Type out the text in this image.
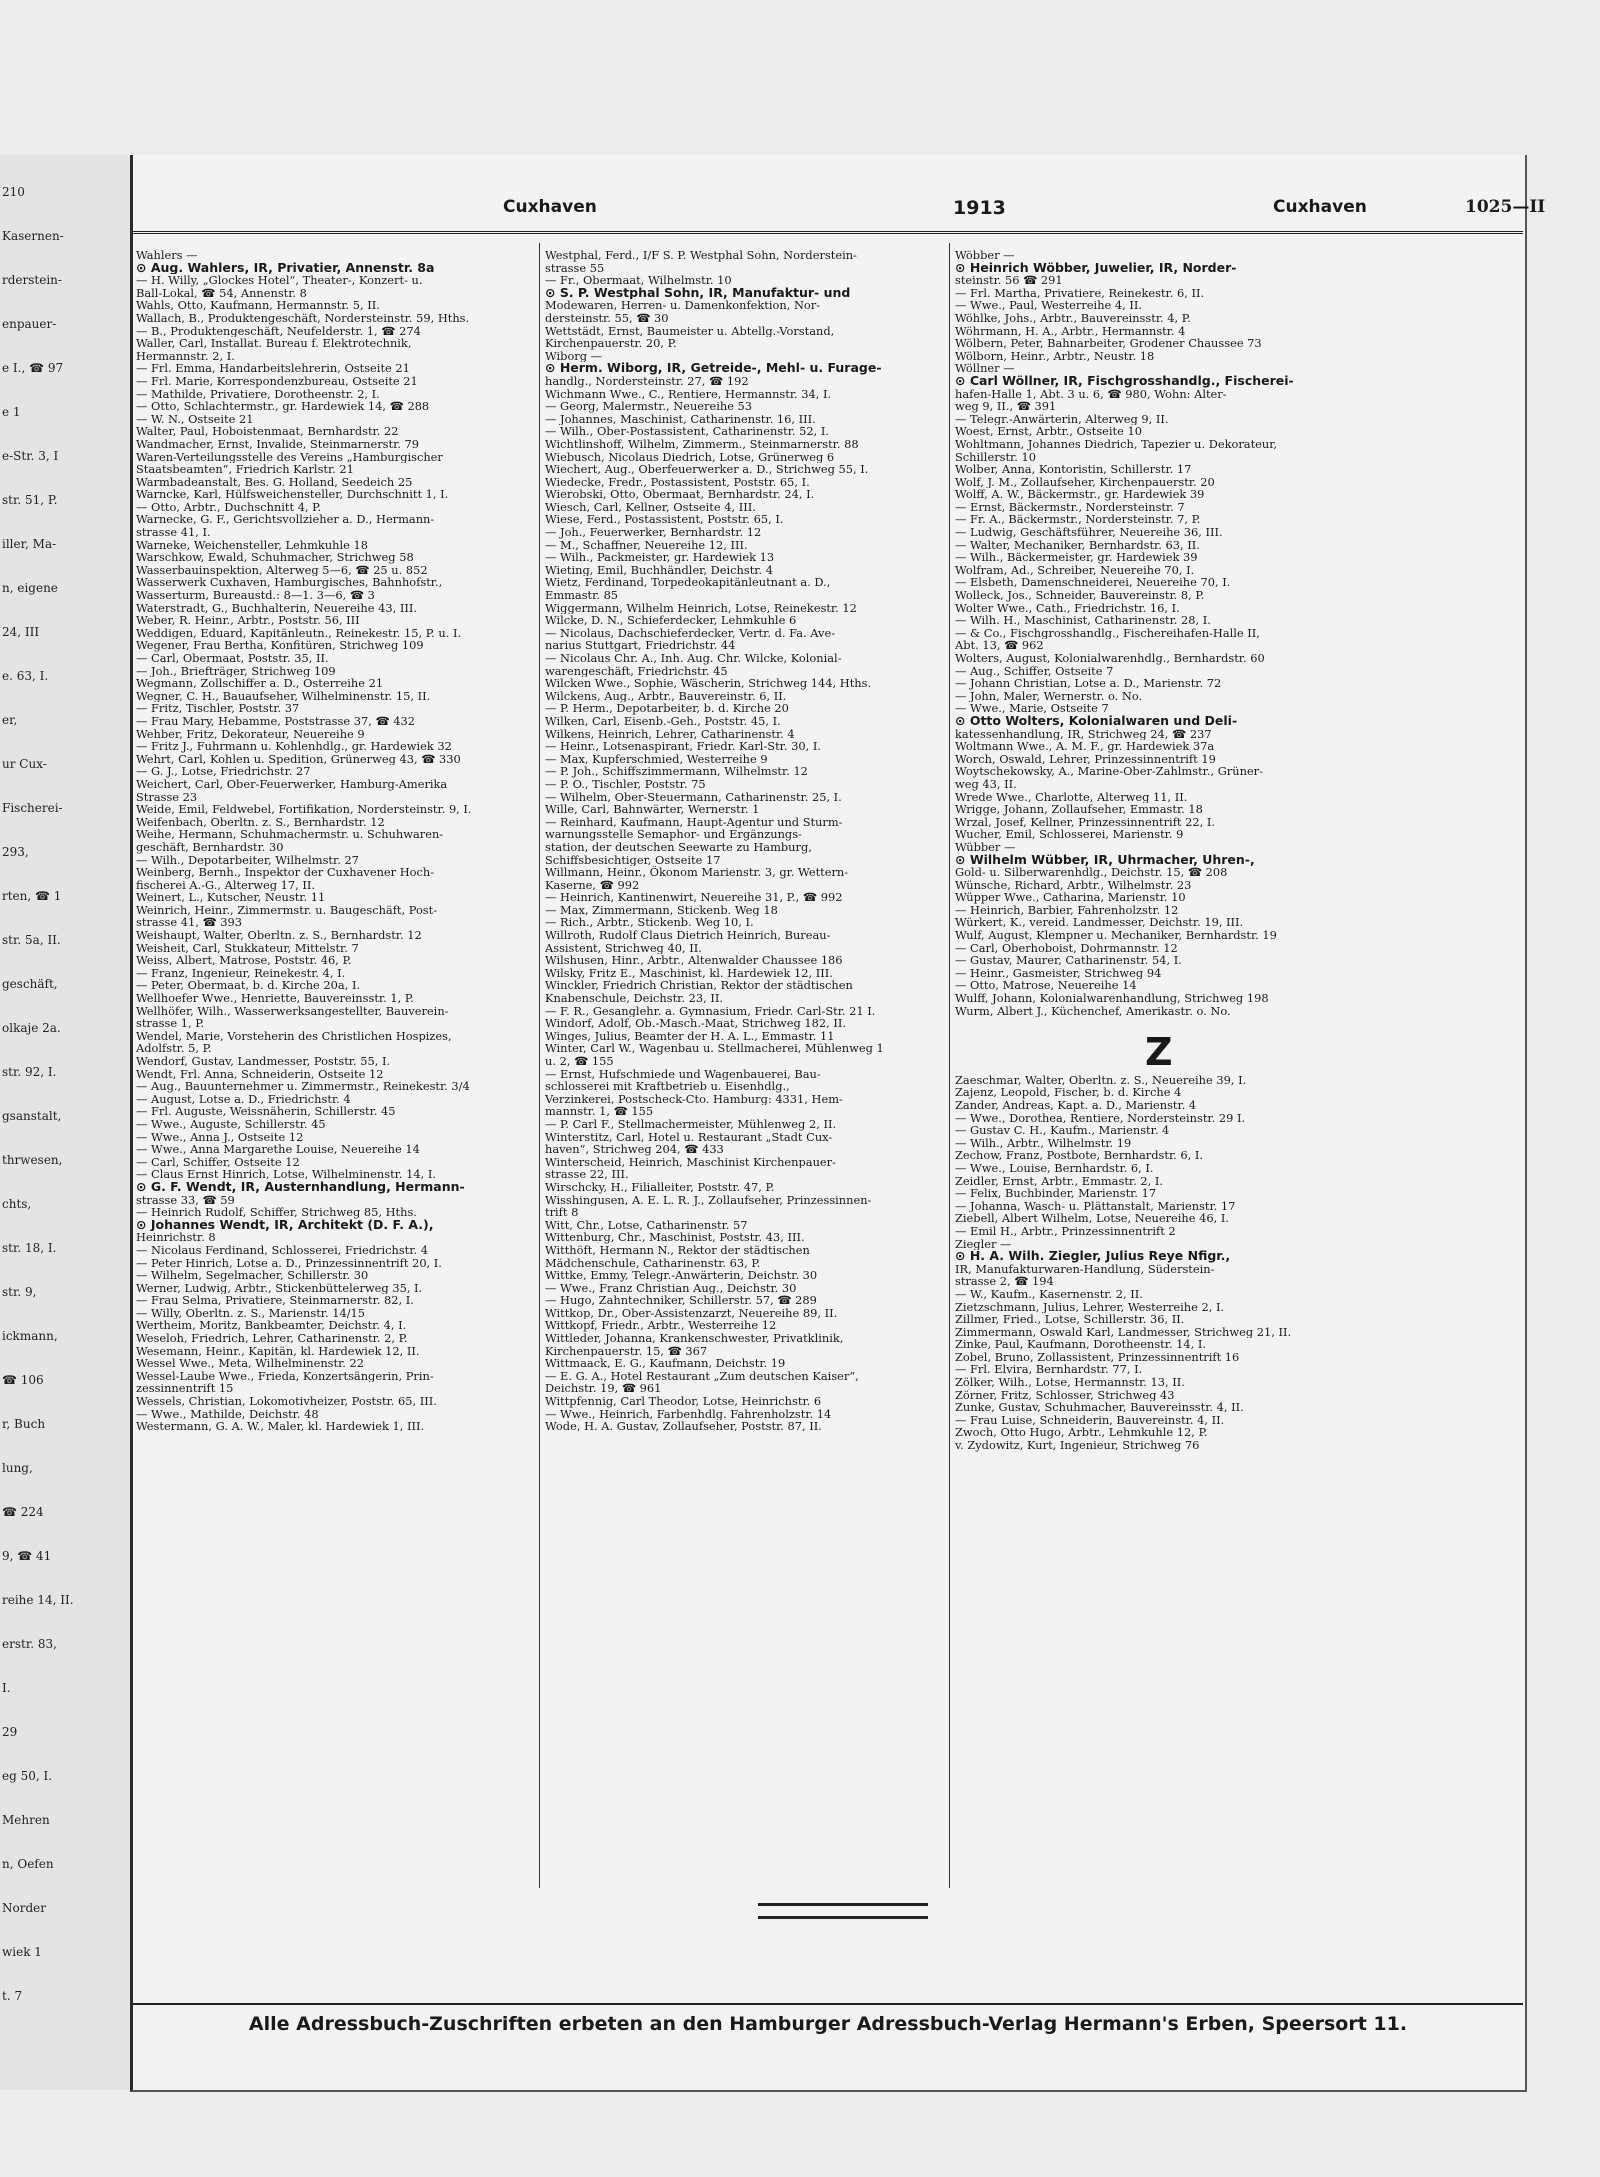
210
Kasernen-
rderstein-
enpauer-
e I., ☎ 97
e 1
e-Str. 3, I
str. 51, P.
iller, Ma-
n, eigene
24, III
e. 63, I.
er,
ur Cux-
Fischerei-
293,
rten, ☎ 1
str. 5a, II.
geschäft,
olkaje 2a.
str. 92, I.
gsanstalt,
thrwesen,
chts,
str. 18, I.
str. 9,
ickmann,
☎ 106
r, Buch
lung,
☎ 224
9, ☎ 41
reihe 14, II.
erstr. 83,
I.
29
eg 50, I.
Mehren
n, Oefen
Norder
wiek 1
t. 7
Cuxhaven	1913	Cuxhaven	1025—II
Wahlers —
⊙ Aug. Wahlers, IR, Privatier, Annenstr. 8a
— H. Willy, „Glockes Hotel“, Theater-, Konzert- u.
Ball-Lokal, ☎ 54, Annenstr. 8
Wahls, Otto, Kaufmann, Hermannstr. 5, II.
Wallach, B., Produktengeschäft, Nordersteinstr. 59, Hths.
— B., Produktengeschäft, Neufelderstr. 1, ☎ 274
Waller, Carl, Installat. Bureau f. Elektrotechnik,
Hermannstr. 2, I.
— Frl. Emma, Handarbeitslehrerin, Ostseite 21
— Frl. Marie, Korrespondenzbureau, Ostseite 21
— Mathilde, Privatiere, Dorotheenstr. 2, I.
— Otto, Schlachtermstr., gr. Hardewiek 14, ☎ 288
— W. N., Ostseite 21
Walter, Paul, Hoboistenmaat, Bernhardstr. 22
Wandmacher, Ernst, Invalide, Steinmarnerstr. 79
Waren-Verteilungsstelle des Vereins „Hamburgischer
Staatsbeamten“, Friedrich Karlstr. 21
Warmbadeanstalt, Bes. G. Holland, Seedeich 25
Warncke, Karl, Hülfsweichensteller, Durchschnitt 1, I.
— Otto, Arbtr., Duchschnitt 4, P.
Warnecke, G. F., Gerichtsvollzieher a. D., Hermann-
strasse 41, I.
Warneke, Weichensteller, Lehmkuhle 18
Warschkow, Ewald, Schuhmacher, Strichweg 58
Wasserbauinspektion, Alterweg 5—6, ☎ 25 u. 852
Wasserwerk Cuxhaven, Hamburgisches, Bahnhofstr.,
Wasserturm, Bureaustd.: 8—1. 3—6, ☎ 3
Waterstradt, G., Buchhalterin, Neuereihe 43, III.
Weber, R. Heinr., Arbtr., Poststr. 56, III
Weddigen, Eduard, Kapitänleutn., Reinekestr. 15, P. u. I.
Wegener, Frau Bertha, Konfitüren, Strichweg 109
— Carl, Obermaat, Poststr. 35, II.
— Joh., Briefträger, Strichweg 109
Wegmann, Zollschiffer a. D., Osterreihe 21
Wegner, C. H., Bauaufseher, Wilhelminenstr. 15, II.
— Fritz, Tischler, Poststr. 37
— Frau Mary, Hebamme, Poststrasse 37, ☎ 432
Wehber, Fritz, Dekorateur, Neuereihe 9
— Fritz J., Fuhrmann u. Kohlenhdlg., gr. Hardewiek 32
Wehrt, Carl, Kohlen u. Spedition, Grünerweg 43, ☎ 330
— G. J., Lotse, Friedrichstr. 27
Weichert, Carl, Ober-Feuerwerker, Hamburg-Amerika
Strasse 23
Weide, Emil, Feldwebel, Fortifikation, Nordersteinstr. 9, I.
Weifenbach, Oberltn. z. S., Bernhardstr. 12
Weihe, Hermann, Schuhmachermstr. u. Schuhwaren-
geschäft, Bernhardstr. 30
— Wilh., Depotarbeiter, Wilhelmstr. 27
Weinberg, Bernh., Inspektor der Cuxhavener Hoch-
fischerei A.-G., Alterweg 17, II.
Weinert, L., Kutscher, Neustr. 11
Weinrich, Heinr., Zimmermstr. u. Baugeschäft, Post-
strasse 41, ☎ 393
Weishaupt, Walter, Oberltn. z. S., Bernhardstr. 12
Weisheit, Carl, Stukkateur, Mittelstr. 7
Weiss, Albert, Matrose, Poststr. 46, P.
— Franz, Ingenieur, Reinekestr. 4, I.
— Peter, Obermaat, b. d. Kirche 20a, I.
Wellhoefer Wwe., Henriette, Bauvereinsstr. 1, P.
Wellhöfer, Wilh., Wasserwerksangestellter, Bauverein-
strasse 1, P.
Wendel, Marie, Vorsteherin des Christlichen Hospizes,
Adolfstr. 5, P.
Wendorf, Gustav, Landmesser, Poststr. 55, I.
Wendt, Frl. Anna, Schneiderin, Ostseite 12
— Aug., Bauunternehmer u. Zimmermstr., Reinekestr. 3/4
— August, Lotse a. D., Friedrichstr. 4
— Frl. Auguste, Weissnäherin, Schillerstr. 45
— Wwe., Auguste, Schillerstr. 45
— Wwe., Anna J., Ostseite 12
— Wwe., Anna Margarethe Louise, Neuereihe 14
— Carl, Schiffer, Ostseite 12
— Claus Ernst Hinrich, Lotse, Wilhelminenstr. 14, I.
⊙ G. F. Wendt, IR, Austernhandlung, Hermann-
strasse 33, ☎ 59
— Heinrich Rudolf, Schiffer, Strichweg 85, Hths.
⊙ Johannes Wendt, IR, Architekt (D. F. A.),
Heinrichstr. 8
— Nicolaus Ferdinand, Schlosserei, Friedrichstr. 4
— Peter Hinrich, Lotse a. D., Prinzessinnentrift 20, I.
— Wilhelm, Segelmacher, Schillerstr. 30
Werner, Ludwig, Arbtr., Stickenbüttelerweg 35, I.
— Frau Selma, Privatiere, Steinmarnerstr. 82, I.
— Willy, Oberltn. z. S., Marienstr. 14/15
Wertheim, Moritz, Bankbeamter, Deichstr. 4, I.
Weseloh, Friedrich, Lehrer, Catharinenstr. 2, P.
Wesemann, Heinr., Kapitän, kl. Hardewiek 12, II.
Wessel Wwe., Meta, Wilhelminenstr. 22
Wessel-Laube Wwe., Frieda, Konzertsängerin, Prin-
zessinnentrift 15
Wessels, Christian, Lokomotivheizer, Poststr. 65, III.
— Wwe., Mathilde, Deichstr. 48
Westermann, G. A. W., Maler, kl. Hardewiek 1, III.
Westphal, Ferd., I/F S. P. Westphal Sohn, Norderstein-
strasse 55
— Fr., Obermaat, Wilhelmstr. 10
⊙ S. P. Westphal Sohn, IR, Manufaktur- und
Modewaren, Herren- u. Damenkonfektion, Nor-
dersteinstr. 55, ☎ 30
Wettstädt, Ernst, Baumeister u. Abtellg.-Vorstand,
Kirchenpauerstr. 20, P.
Wiborg —
⊙ Herm. Wiborg, IR, Getreide-, Mehl- u. Furage-
handlg., Nordersteinstr. 27, ☎ 192
Wichmann Wwe., C., Rentiere, Hermannstr. 34, I.
— Georg, Malermstr., Neuereihe 53
— Johannes, Maschinist, Catharinenstr. 16, III.
— Wilh., Ober-Postassistent, Catharinenstr. 52, I.
Wichtlinshoff, Wilhelm, Zimmerm., Steinmarnerstr. 88
Wiebusch, Nicolaus Diedrich, Lotse, Grünerweg 6
Wiechert, Aug., Oberfeuerwerker a. D., Strichweg 55, I.
Wiedecke, Fredr., Postassistent, Poststr. 65, I.
Wierobski, Otto, Obermaat, Bernhardstr. 24, I.
Wiesch, Carl, Kellner, Ostseite 4, III.
Wiese, Ferd., Postassistent, Poststr. 65, I.
— Joh., Feuerwerker, Bernhardstr. 12
— M., Schaffner, Neuereihe 12, III.
— Wilh., Packmeister, gr. Hardewiek 13
Wieting, Emil, Buchhändler, Deichstr. 4
Wietz, Ferdinand, Torpedeokapitänleutnant a. D.,
Emmastr. 85
Wiggermann, Wilhelm Heinrich, Lotse, Reinekestr. 12
Wilcke, D. N., Schieferdecker, Lehmkuhle 6
— Nicolaus, Dachschieferdecker, Vertr. d. Fa. Ave-
narius Stuttgart, Friedrichstr. 44
— Nicolaus Chr. A., Inh. Aug. Chr. Wilcke, Kolonial-
warengeschäft, Friedrichstr. 45
Wilcken Wwe., Sophie, Wäscherin, Strichweg 144, Hths.
Wilckens, Aug., Arbtr., Bauvereinstr. 6, II.
— P. Herm., Depotarbeiter, b. d. Kirche 20
Wilken, Carl, Eisenb.-Geh., Poststr. 45, I.
Wilkens, Heinrich, Lehrer, Catharinenstr. 4
— Heinr., Lotsenaspirant, Friedr. Karl-Str. 30, I.
— Max, Kupferschmied, Westerreihe 9
— P. Joh., Schiffszimmermann, Wilhelmstr. 12
— P. O., Tischler, Poststr. 75
— Wilhelm, Ober-Steuermann, Catharinenstr. 25, I.
Wille, Carl, Bahnwärter, Wernerstr. 1
— Reinhard, Kaufmann, Haupt-Agentur und Sturm-
warnungsstelle Semaphor- und Ergänzungs-
station, der deutschen Seewarte zu Hamburg,
Schiffsbesichtiger, Ostseite 17
Willmann, Heinr., Ökonom Marienstr. 3, gr. Wettern-
Kaserne, ☎ 992
— Heinrich, Kantinenwirt, Neuereihe 31, P., ☎ 992
— Max, Zimmermann, Stickenb. Weg 18
— Rich., Arbtr., Stickenb. Weg 10, I.
Willroth, Rudolf Claus Dietrich Heinrich, Bureau-
Assistent, Strichweg 40, II.
Wilshusen, Hinr., Arbtr., Altenwalder Chaussee 186
Wilsky, Fritz E., Maschinist, kl. Hardewiek 12, III.
Winckler, Friedrich Christian, Rektor der städtischen
Knabenschule, Deichstr. 23, II.
— F. R., Gesanglehr. a. Gymnasium, Friedr. Carl-Str. 21 I.
Windorf, Adolf, Ob.-Masch.-Maat, Strichweg 182, II.
Winges, Julius, Beamter der H. A. L., Emmastr. 11
Winter, Carl W., Wagenbau u. Stellmacherei, Mühlenweg 1
u. 2, ☎ 155
— Ernst, Hufschmiede und Wagenbauerei, Bau-
schlosserei mit Kraftbetrieb u. Eisenhdlg.,
Verzinkerei, Postscheck-Cto. Hamburg: 4331, Hem-
mannstr. 1, ☎ 155
— P. Carl F., Stellmachermeister, Mühlenweg 2, II.
Winterstitz, Carl, Hotel u. Restaurant „Stadt Cux-
haven“, Strichweg 204, ☎ 433
Winterscheid, Heinrich, Maschinist Kirchenpauer-
strasse 22, III.
Wirschcky, H., Filialleiter, Poststr. 47, P.
Wisshingusen, A. E. L. R. J., Zollaufseher, Prinzessinnen-
trift 8
Witt, Chr., Lotse, Catharinenstr. 57
Wittenburg, Chr., Maschinist, Poststr. 43, III.
Witthöft, Hermann N., Rektor der städtischen
Mädchenschule, Catharinenstr. 63, P.
Wittke, Emmy, Telegr.-Anwärterin, Deichstr. 30
— Wwe., Franz Christian Aug., Deichstr. 30
— Hugo, Zahntechniker, Schillerstr. 57, ☎ 289
Wittkop, Dr., Ober-Assistenzarzt, Neuereihe 89, II.
Wittkopf, Friedr., Arbtr., Westerreihe 12
Wittleder, Johanna, Krankenschwester, Privatklinik,
Kirchenpauerstr. 15, ☎ 367
Wittmaack, E. G., Kaufmann, Deichstr. 19
— E. G. A., Hotel Restaurant „Zum deutschen Kaiser“,
Deichstr. 19, ☎ 961
Wittpfennig, Carl Theodor, Lotse, Heinrichstr. 6
— Wwe., Heinrich, Farbenhdlg. Fahrenholzstr. 14
Wode, H. A. Gustav, Zollaufseher, Poststr. 87, II.
Wöbber —
⊙ Heinrich Wöbber, Juwelier, IR, Norder-
steinstr. 56 ☎ 291
— Frl. Martha, Privatiere, Reinekestr. 6, II.
— Wwe., Paul, Westerreihe 4, II.
Wöhlke, Johs., Arbtr., Bauvereinsstr. 4, P.
Wöhrmann, H. A., Arbtr., Hermannstr. 4
Wölbern, Peter, Bahnarbeiter, Grodener Chaussee 73
Wölborn, Heinr., Arbtr., Neustr. 18
Wöllner —
⊙ Carl Wöllner, IR, Fischgrosshandlg., Fischerei-
hafen-Halle 1, Abt. 3 u. 6, ☎ 980, Wohn: Alter-
weg 9, II., ☎ 391
— Telegr.-Anwärterin, Alterweg 9, II.
Woest, Ernst, Arbtr., Ostseite 10
Wohltmann, Johannes Diedrich, Tapezier u. Dekorateur,
Schillerstr. 10
Wolber, Anna, Kontoristin, Schillerstr. 17
Wolf, J. M., Zollaufseher, Kirchenpauerstr. 20
Wolff, A. W., Bäckermstr., gr. Hardewiek 39
— Ernst, Bäckermstr., Nordersteinstr. 7
— Fr. A., Bäckermstr., Nordersteinstr. 7, P.
— Ludwig, Geschäftsführer, Neuereihe 36, III.
— Walter, Mechaniker, Bernhardstr. 63, II.
— Wilh., Bäckermeister, gr. Hardewiek 39
Wolfram, Ad., Schreiber, Neuereihe 70, I.
— Elsbeth, Damenschneiderei, Neuereihe 70, I.
Wolleck, Jos., Schneider, Bauvereinstr. 8, P.
Wolter Wwe., Cath., Friedrichstr. 16, I.
— Wilh. H., Maschinist, Catharinenstr. 28, I.
— & Co., Fischgrosshandlg., Fischereihafen-Halle II,
Abt. 13, ☎ 962
Wolters, August, Kolonialwarenhdlg., Bernhardstr. 60
— Aug., Schiffer, Ostseite 7
— Johann Christian, Lotse a. D., Marienstr. 72
— John, Maler, Wernerstr. o. No.
— Wwe., Marie, Ostseite 7
⊙ Otto Wolters, Kolonialwaren und Deli-
katessenhandlung, IR, Strichweg 24, ☎ 237
Woltmann Wwe., A. M. F., gr. Hardewiek 37a
Worch, Oswald, Lehrer, Prinzessinnentrift 19
Woytschekowsky, A., Marine-Ober-Zahlmstr., Grüner-
weg 43, II.
Wrede Wwe., Charlotte, Alterweg 11, II.
Wrigge, Johann, Zollaufseher, Emmastr. 18
Wrzal, Josef, Kellner, Prinzessinnentrift 22, I.
Wucher, Emil, Schlosserei, Marienstr. 9
Wübber —
⊙ Wilhelm Wübber, IR, Uhrmacher, Uhren-,
Gold- u. Silberwarenhdlg., Deichstr. 15, ☎ 208
Wünsche, Richard, Arbtr., Wilhelmstr. 23
Wüpper Wwe., Catharina, Marienstr. 10
— Heinrich, Barbier, Fahrenholzstr. 12
Würkert, K., vereid. Landmesser, Deichstr. 19, III.
Wulf, August, Klempner u. Mechaniker, Bernhardstr. 19
— Carl, Oberhoboist, Dohrmannstr. 12
— Gustav, Maurer, Catharinenstr. 54, I.
— Heinr., Gasmeister, Strichweg 94
— Otto, Matrose, Neuereihe 14
Wulff, Johann, Kolonialwarenhandlung, Strichweg 198
Wurm, Albert J., Küchenchef, Amerikastr. o. No.
Z
Zaeschmar, Walter, Oberltn. z. S., Neuereihe 39, I.
Zajenz, Leopold, Fischer, b. d. Kirche 4
Zander, Andreas, Kapt. a. D., Marienstr. 4
— Wwe., Dorothea, Rentiere, Nordersteinstr. 29 I.
— Gustav C. H., Kaufm., Marienstr. 4
— Wilh., Arbtr., Wilhelmstr. 19
Zechow, Franz, Postbote, Bernhardstr. 6, I.
— Wwe., Louise, Bernhardstr. 6, I.
Zeidler, Ernst, Arbtr., Emmastr. 2, I.
— Felix, Buchbinder, Marienstr. 17
— Johanna, Wasch- u. Plättanstalt, Marienstr. 17
Ziebell, Albert Wilhelm, Lotse, Neuereihe 46, I.
— Emil H., Arbtr., Prinzessinnentrift 2
Ziegler —
⊙ H. A. Wilh. Ziegler, Julius Reye Nfigr.,
IR, Manufakturwaren-Handlung, Süderstein-
strasse 2, ☎ 194
— W., Kaufm., Kasernenstr. 2, II.
Zietzschmann, Julius, Lehrer, Westerreihe 2, I.
Zillmer, Fried., Lotse, Schillerstr. 36, II.
Zimmermann, Oswald Karl, Landmesser, Strichweg 21, II.
Zinke, Paul, Kaufmann, Dorotheenstr. 14, I.
Zobel, Bruno, Zollassistent, Prinzessinnentrift 16
— Frl. Elvira, Bernhardstr. 77, I.
Zölker, Wilh., Lotse, Hermannstr. 13, II.
Zörner, Fritz, Schlosser, Strichweg 43
Zunke, Gustav, Schuhmacher, Bauvereinsstr. 4, II.
— Frau Luise, Schneiderin, Bauvereinstr. 4, II.
Zwoch, Otto Hugo, Arbtr., Lehmkuhle 12, P.
v. Zydowitz, Kurt, Ingenieur, Strichweg 76
Alle Adressbuch-Zuschriften erbeten an den Hamburger Adressbuch-Verlag Hermann's Erben, Speersort 11.
